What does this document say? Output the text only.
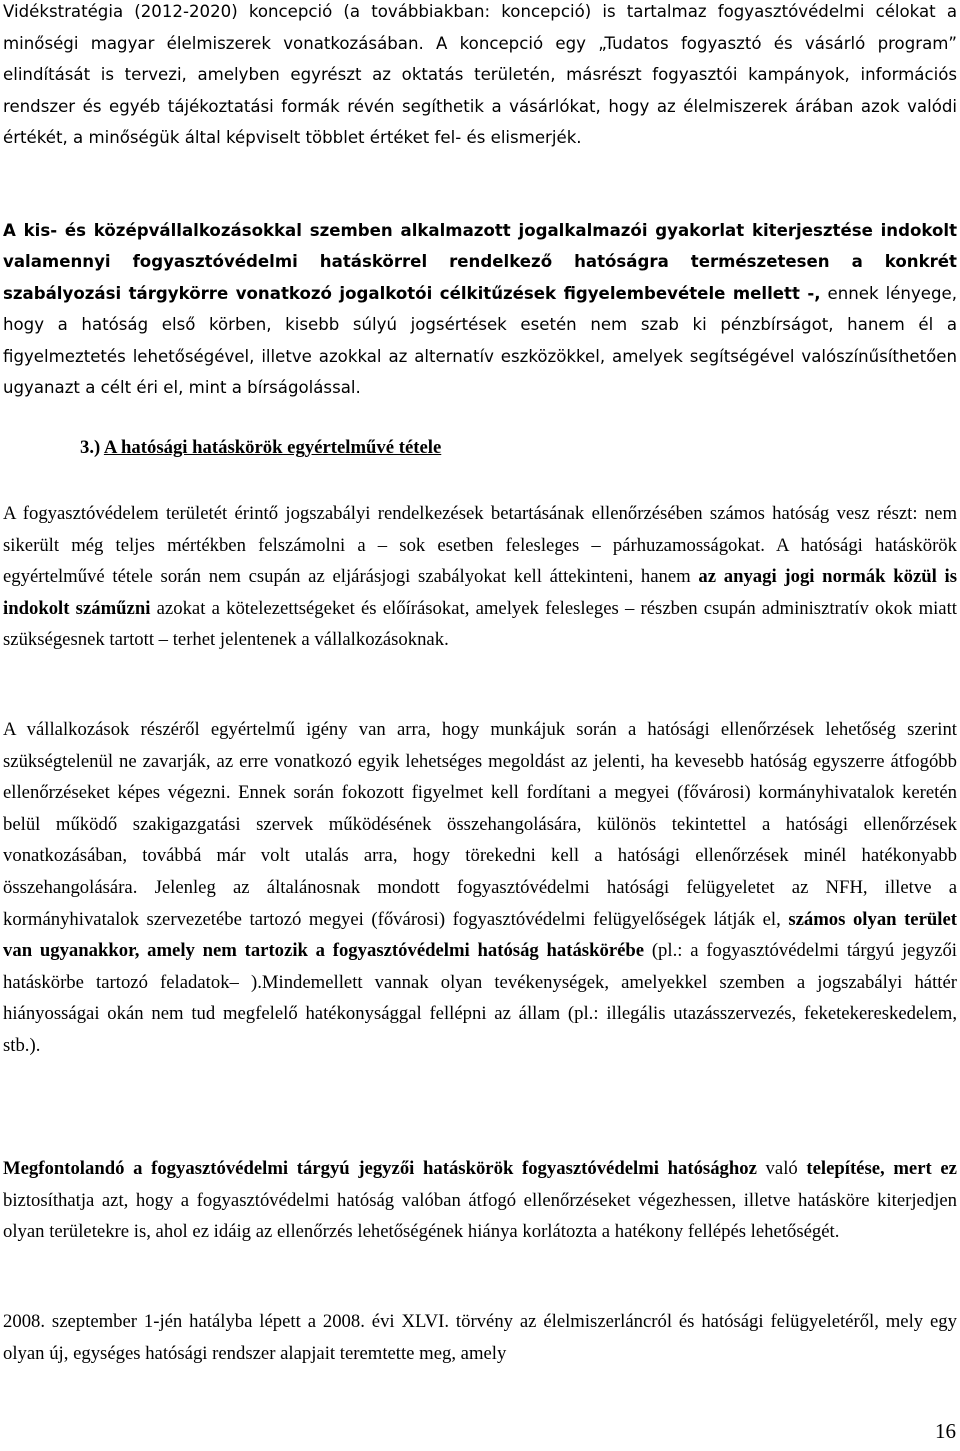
Vidékstratégia (2012-2020) koncepció (a továbbiakban: koncepció) is tartalmaz fogyasztóvédelmi célokat a minőségi magyar élelmiszerek vonatkozásában. A koncepció egy „Tudatos fogyasztó és vásárló program” elindítását is tervezi, amelyben egyrészt az oktatás területén, másrészt fogyasztói kampányok, információs rendszer és egyéb tájékoztatási formák révén segíthetik a vásárlókat, hogy az élelmiszerek árában azok valódi értékét, a minőségük által képviselt többlet értéket fel- és elismerjék.

A kis- és középvállalkozásokkal szemben alkalmazott jogalkalmazói gyakorlat kiterjesztése indokolt valamennyi fogyasztóvédelmi hatáskörrel rendelkező hatóságra természetesen a konkrét szabályozási tárgykörre vonatkozó jogalkotói célkitűzések figyelembevétele mellett -, ennek lényege, hogy a hatóság első körben, kisebb súlyú jogsértések esetén nem szab ki pénzbírságot, hanem él a figyelmeztetés lehetőségével, illetve azokkal az alternatív eszközökkel, amelyek segítségével valószínűsíthetően ugyanazt a célt éri el, mint a bírságolással.

3.) A hatósági hatáskörök egyértelművé tétele

A fogyasztóvédelem területét érintő jogszabályi rendelkezések betartásának ellenőrzésében számos hatóság vesz részt: nem sikerült még teljes mértékben felszámolni a – sok esetben felesleges – párhuzamosságokat. A hatósági hatáskörök egyértelművé tétele során nem csupán az eljárásjogi szabályokat kell áttekinteni, hanem az anyagi jogi normák közül is indokolt száműzni azokat a kötelezettségeket és előírásokat, amelyek felesleges – részben csupán adminisztratív okok miatt szükségesnek tartott – terhet jelentenek a vállalkozásoknak.

A vállalkozások részéről egyértelmű igény van arra, hogy munkájuk során a hatósági ellenőrzések lehetőség szerint szükségtelenül ne zavarják, az erre vonatkozó egyik lehetséges megoldást az jelenti, ha kevesebb hatóság egyszerre átfogóbb ellenőrzéseket képes végezni. Ennek során fokozott figyelmet kell fordítani a megyei (fővárosi) kormányhivatalok keretén belül működő szakigazgatási szervek működésének összehangolására, különös tekintettel a hatósági ellenőrzések vonatkozásában, továbbá már volt utalás arra, hogy törekedni kell a hatósági ellenőrzések minél hatékonyabb összehangolására. Jelenleg az általánosnak mondott fogyasztóvédelmi hatósági felügyeletet az NFH, illetve a kormányhivatalok szervezetébe tartozó megyei (fővárosi) fogyasztóvédelmi felügyelőségek látják el, számos olyan terület van ugyanakkor, amely nem tartozik a fogyasztóvédelmi hatóság hatáskörébe (pl.: a fogyasztóvédelmi tárgyú jegyzői hatáskörbe tartozó feladatok– ).Mindemellett vannak olyan tevékenységek, amelyekkel szemben a jogszabályi háttér hiányosságai okán nem tud megfelelő hatékonysággal fellépni az állam (pl.: illegális utazásszervezés, feketekereskedelem, stb.).

Megfontolandó a fogyasztóvédelmi tárgyú jegyzői hatáskörök fogyasztóvédelmi hatósághoz való telepítése, mert ez biztosíthatja azt, hogy a fogyasztóvédelmi hatóság valóban átfogó ellenőrzéseket végezhessen, illetve hatásköre kiterjedjen olyan területekre is, ahol ez idáig az ellenőrzés lehetőségének hiánya korlátozta a hatékony fellépés lehetőségét.

2008. szeptember 1-jén hatályba lépett a 2008. évi XLVI. törvény az élelmiszerláncról és hatósági felügyeletéről, mely egy olyan új, egységes hatósági rendszer alapjait teremtette meg, amely

16
